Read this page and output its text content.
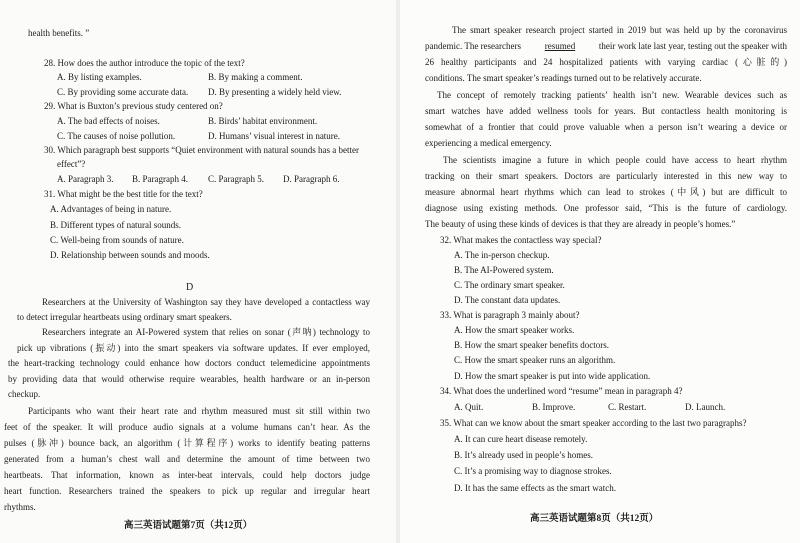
health benefits. ”
28. How does the author introduce the topic of the text?
A. By listing examples.	B. By making a comment.
C. By providing some accurate data. D. By presenting a widely held view.
29. What is Buxton’s previous study centered on?
A. The bad effects of noises.	B. Birds’ habitat environment.
C. The causes of noise pollution.	D. Humans’ visual interest in nature.
30. Which paragraph best supports “Quiet environment with natural sounds has a better
effect”?
A. Paragraph 3. B. Paragraph 4. C. Paragraph 5. D. Paragraph 6.
31. What might be the best title for the text?
A. Advantages of being in nature.
B. Different types of natural sounds.
C. Well-being from sounds of nature.
D. Relationship between sounds and moods.
D
Researchers at the University of Washington say they have developed a contactless way
to detect irregular heartbeats using ordinary smart speakers.
Researchers integrate an AI-Powered system that relies on sonar (声呐) technology to
pick up vibrations (振动) into the smart speakers via software updates. If ever employed,
the heart-tracking technology could enhance how doctors conduct telemedicine appointments
by providing data that would otherwise require wearables, health hardware or an in-person
checkup.
Participants who want their heart rate and rhythm measured must sit still within two
feet of the speaker. It will produce audio signals at a volume humans can’t hear. As the
pulses (脉冲) bounce back, an algorithm (计算程序) works to identify beating patterns
generated from a human’s chest wall and determine the amount of time between two
heartbeats. That information, known as inter-beat intervals, could help doctors judge
heart function. Researchers trained the speakers to pick up regular and irregular heart
rhythms.
高三英语试题第7页（共12页）
The smart speaker research project started in 2019 but was held up by the coronavirus
pandemic. The researchers	resumed	their work late last year, testing out the speaker with
26 healthy participants and 24 hospitalized patients with varying cardiac (心脏的)
conditions. The smart speaker’s readings turned out to be relatively accurate.
The concept of remotely tracking patients’ health isn’t new. Wearable devices such as
smart watches have added wellness tools for years. But contactless health monitoring is
somewhat of a frontier that could prove valuable when a person isn’t wearing a device or
experiencing a medical emergency.
The scientists imagine a future in which people could have access to heart rhythm
tracking on their smart speakers. Doctors are particularly interested in this new way to
measure abnormal heart rhythms which can lead to strokes (中风) but are difficult to
diagnose using existing methods. One professor said, “This is the future of cardiology.
The beauty of using these kinds of devices is that they are already in people’s homes.”
32. What makes the contactless way special?
A. The in-person checkup.
B. The AI-Powered system.
C. The ordinary smart speaker.
D. The constant data updates.
33. What is paragraph 3 mainly about?
A. How the smart speaker works.
B. How the smart speaker benefits doctors.
C. How the smart speaker runs an algorithm.
D. How the smart speaker is put into wide application.
34. What does the underlined word “resume” mean in paragraph 4?
A. Quit.	B. Improve.	C. Restart.	D. Launch.
35. What can we know about the smart speaker according to the last two paragraphs?
A. It can cure heart disease remotely.
B. It’s already used in people’s homes.
C. It’s a promising way to diagnose strokes.
D. It has the same effects as the smart watch.
高三英语试题第8页（共12页）
